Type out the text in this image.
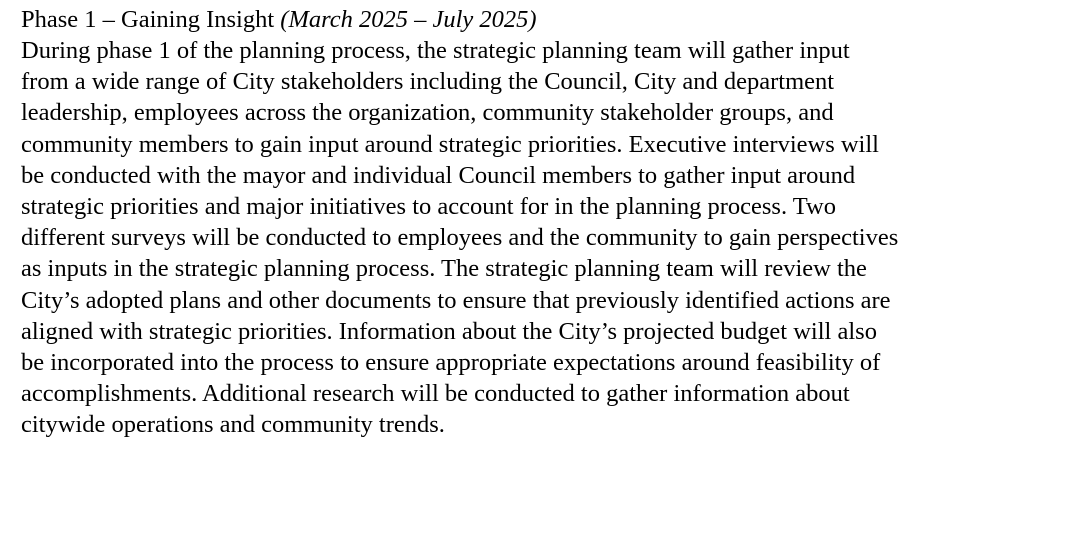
Phase 1 – Gaining Insight (March 2025 – July 2025)

During phase 1 of the planning process, the strategic planning team will gather input
from a wide range of City stakeholders including the Council, City and department
leadership, employees across the organization, community stakeholder groups, and
community members to gain input around strategic priorities. Executive interviews will
be conducted with the mayor and individual Council members to gather input around
strategic priorities and major initiatives to account for in the planning process. Two
different surveys will be conducted to employees and the community to gain perspectives
as inputs in the strategic planning process. The strategic planning team will review the
City’s adopted plans and other documents to ensure that previously identified actions are
aligned with strategic priorities. Information about the City’s projected budget will also
be incorporated into the process to ensure appropriate expectations around feasibility of
accomplishments. Additional research will be conducted to gather information about
citywide operations and community trends.
